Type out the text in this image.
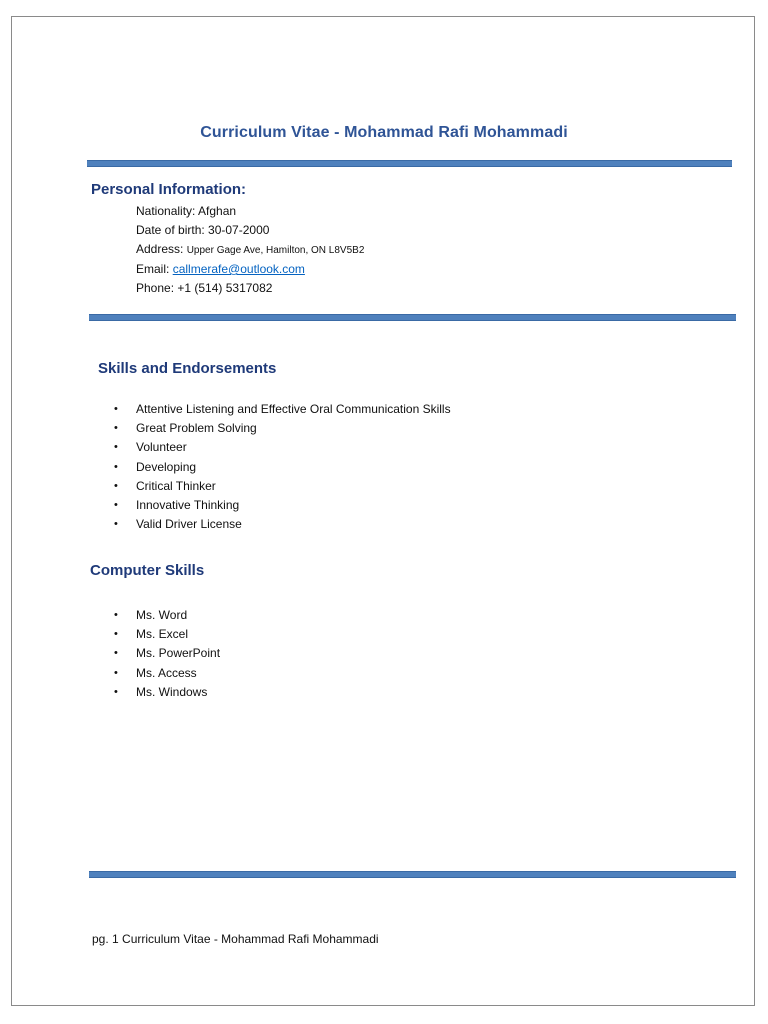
Curriculum Vitae - Mohammad Rafi Mohammadi
Personal Information:
Nationality: Afghan
Date of birth: 30-07-2000
Address: Upper Gage Ave, Hamilton, ON L8V5B2
Email: callmerafe@outlook.com
Phone: +1 (514) 5317082
Skills and Endorsements
• Attentive Listening and Effective Oral Communication Skills
• Great Problem Solving
• Volunteer
• Developing
• Critical Thinker
• Innovative Thinking
• Valid Driver License
Computer Skills
• Ms. Word
• Ms. Excel
• Ms. PowerPoint
• Ms. Access
• Ms. Windows
pg. 1 Curriculum Vitae - Mohammad Rafi Mohammadi
